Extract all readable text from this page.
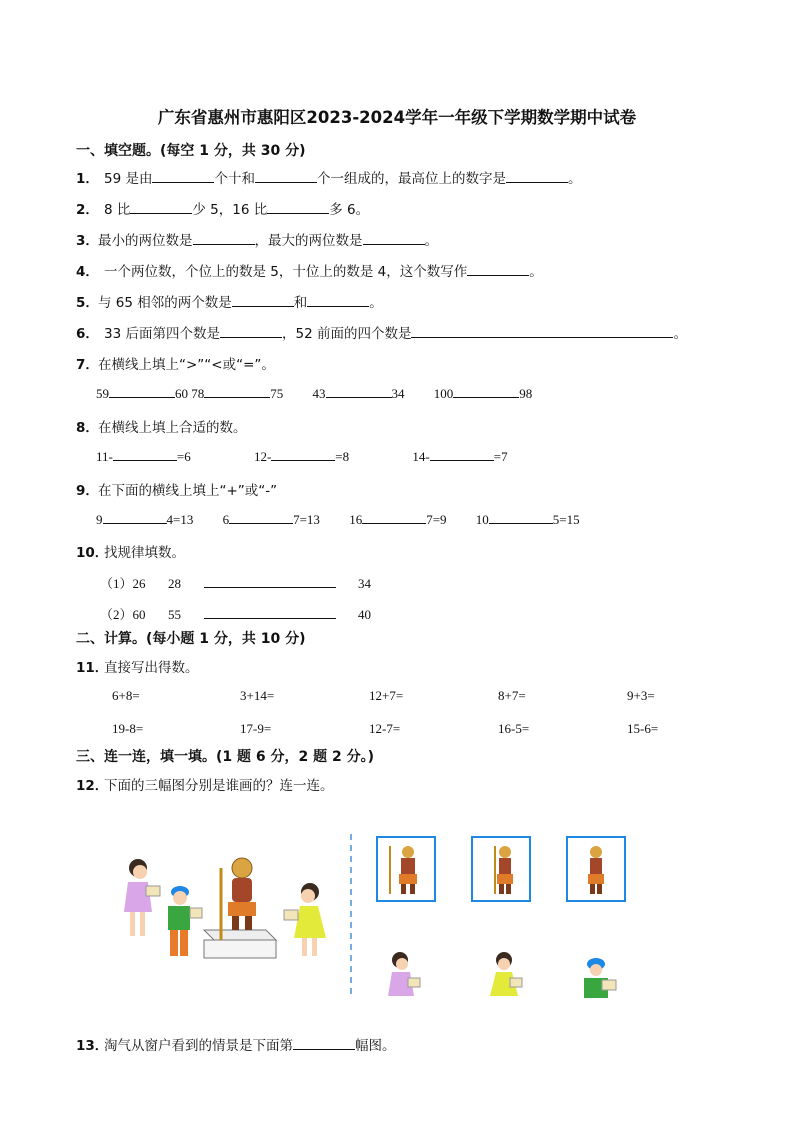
广东省惠州市惠阳区2023-2024学年一年级下学期数学期中试卷
一、填空题。(每空 1 分，共 30 分)
1． 59 是由	个十和	个一组成的，最高位上的数字是	。
2． 8 比	少 5，16 比	多 6。
3．最小的两位数是	，最大的两位数是	。
4． 一个两位数，个位上的数是 5，十位上的数是 4，这个数写作	。
5．与 65 相邻的两个数是	和	。
6． 33 后面第四个数是	，52 前面的四个数是	。
7．在横线上填上“>”“<或“=”。
59	60 78	75 43	34 100	98
8．在横线上填上合适的数。
11-	=6	12-	=8	14-	=7
9．在下面的横线上填上“+”或“-”
9	4=13 6	7=13 16	7=9 10	5=15
10．找规律填数。
（1）26 28	34
（2）60 55	40
二、计算。(每小题 1 分，共 10 分)
11．直接写出得数。
6+8=	3+14=	12+7=	8+7=	9+3=
19-8=	17-9=	12-7=	16-5=	15-6=
三、连一连，填一填。(1 题 6 分，2 题 2 分。)
12．下面的三幅图分别是谁画的？连一连。
13．淘气从窗户看到的情景是下面第	幅图。
